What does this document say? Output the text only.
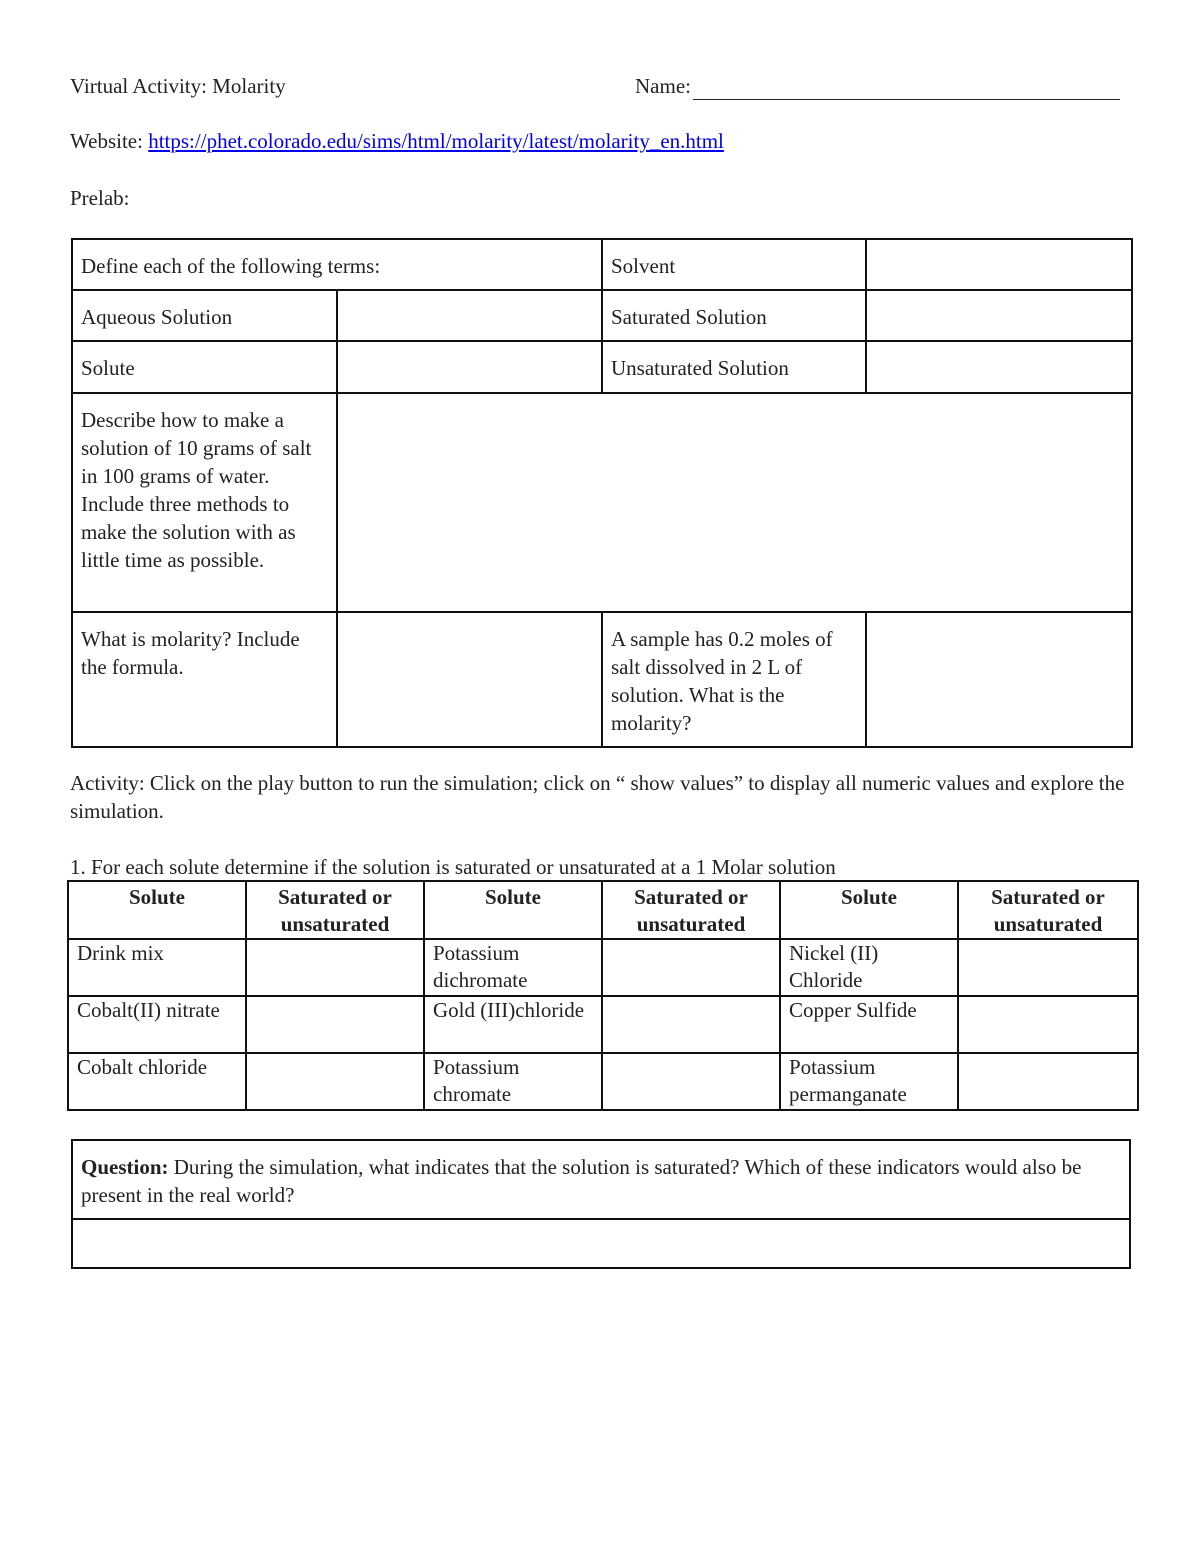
Virtual Activity: Molarity	Name:
Website: https://phet.colorado.edu/sims/html/molarity/latest/molarity_en.html
Prelab:
Define each of the following terms:		Solvent	
Aqueous Solution		Saturated Solution	
Solute		Unsaturated Solution	
Describe how to make a solution of 10 grams of salt in 100 grams of water. Include three methods to make the solution with as little time as possible.			
What is molarity? Include the formula.		A sample has 0.2 moles of salt dissolved in 2 L of solution. What is the molarity?	
Activity: Click on the play button to run the simulation; click on “ show values” to display all numeric values and explore the simulation.
1. For each solute determine if the solution is saturated or unsaturated at a 1 Molar solution
Solute	Saturated or unsaturated	Solute	Saturated or unsaturated	Solute	Saturated or unsaturated
Drink mix		Potassium dichromate		Nickel (II) Chloride	
Cobalt(II) nitrate		Gold (III)chloride		Copper Sulfide	
Cobalt chloride		Potassium chromate		Potassium permanganate	
Question: During the simulation, what indicates that the solution is saturated? Which of these indicators would also be present in the real world?
